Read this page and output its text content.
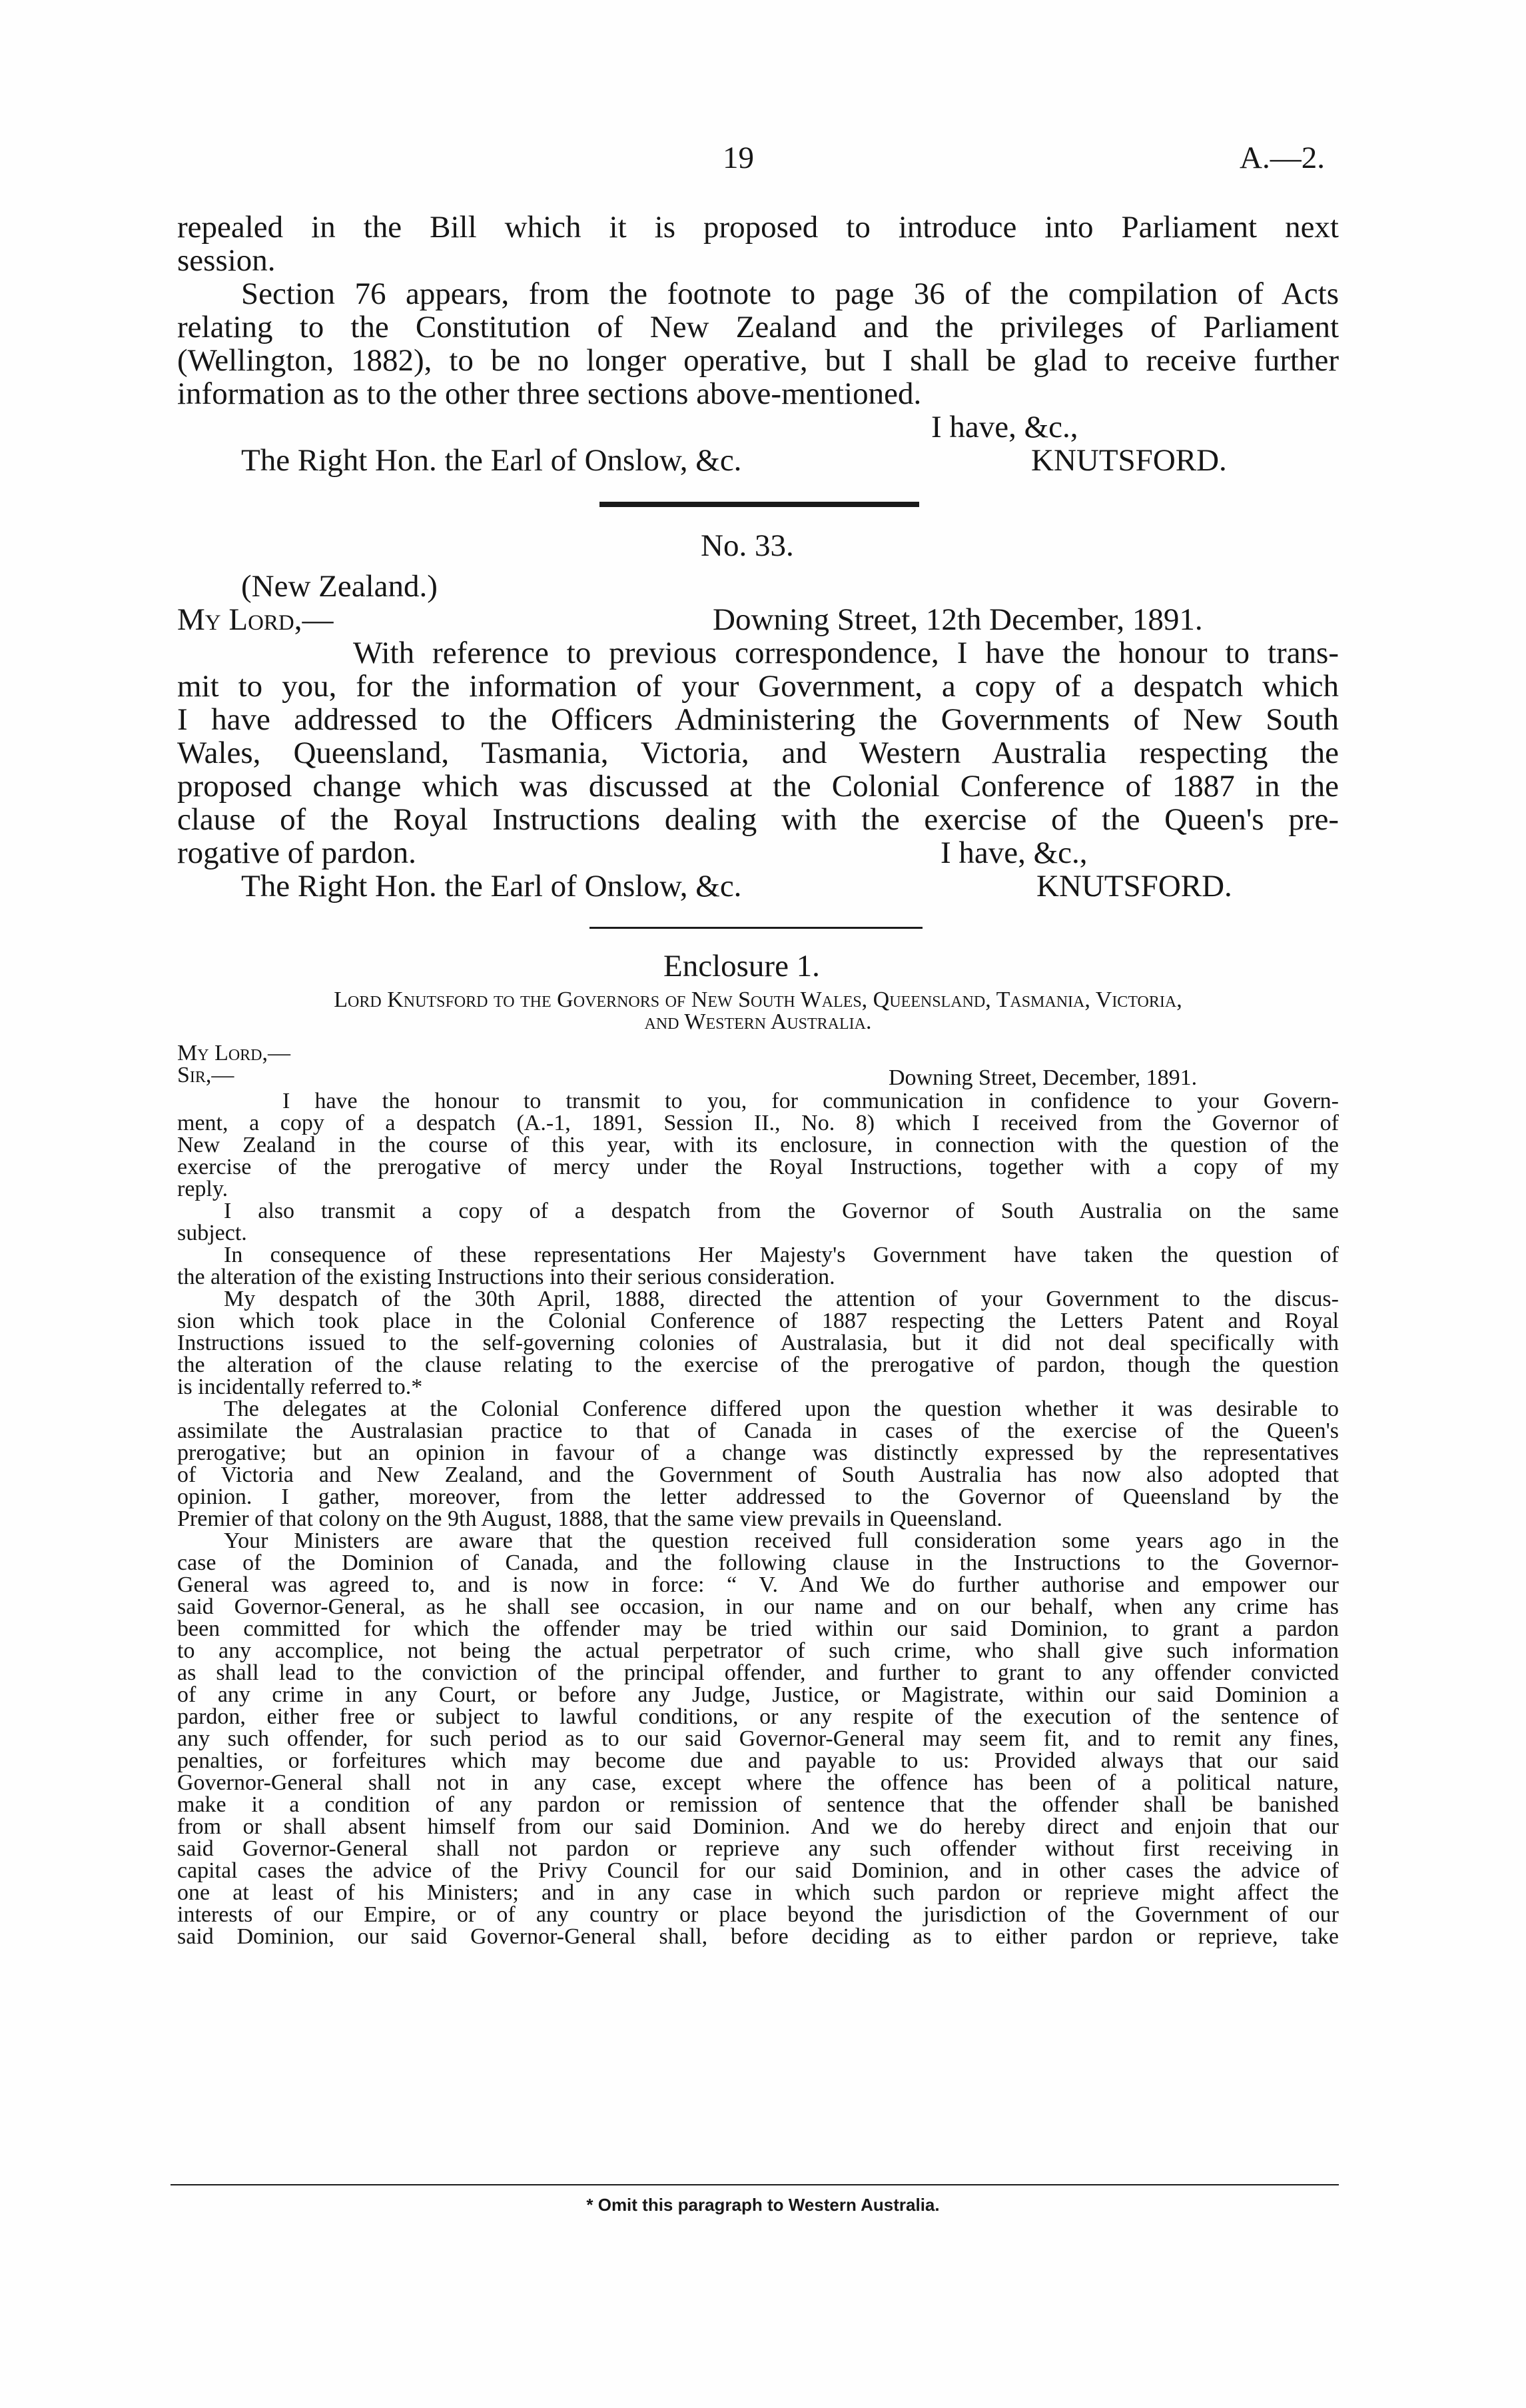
19	A.—2.
repealed in the Bill which it is proposed to introduce into Parliament next
session.
Section 76 appears, from the footnote to page 36 of the compilation of Acts
relating to the Constitution of New Zealand and the privileges of Parliament
(Wellington, 1882), to be no longer operative, but I shall be glad to receive further
information as to the other three sections above-mentioned.
I have, &c.,
The Right Hon. the Earl of Onslow, &c.	KNUTSFORD.
No. 33.
(New Zealand.)
My Lord,—	Downing Street, 12th December, 1891.
With reference to previous correspondence, I have the honour to trans-
mit to you, for the information of your Government, a copy of a despatch which
I have addressed to the Officers Administering the Governments of New South
Wales, Queensland, Tasmania, Victoria, and Western Australia respecting the
proposed change which was discussed at the Colonial Conference of 1887 in the
clause of the Royal Instructions dealing with the exercise of the Queen's pre-
rogative of pardon.	I have, &c.,
The Right Hon. the Earl of Onslow, &c.	KNUTSFORD.
Enclosure 1.
Lord Knutsford to the Governors of New South Wales, Queensland, Tasmania, Victoria,
and Western Australia.
My Lord,—
Sir,—	Downing Street, December, 1891.
I have the honour to transmit to you, for communication in confidence to your Govern-
ment, a copy of a despatch (A.-1, 1891, Session II., No. 8) which I received from the Governor of
New Zealand in the course of this year, with its enclosure, in connection with the question of the
exercise of the prerogative of mercy under the Royal Instructions, together with a copy of my
reply.
I also transmit a copy of a despatch from the Governor of South Australia on the same
subject.
In consequence of these representations Her Majesty's Government have taken the question of
the alteration of the existing Instructions into their serious consideration.
My despatch of the 30th April, 1888, directed the attention of your Government to the discus-
sion which took place in the Colonial Conference of 1887 respecting the Letters Patent and Royal
Instructions issued to the self-governing colonies of Australasia, but it did not deal specifically with
the alteration of the clause relating to the exercise of the prerogative of pardon, though the question
is incidentally referred to.*
The delegates at the Colonial Conference differed upon the question whether it was desirable to
assimilate the Australasian practice to that of Canada in cases of the exercise of the Queen's
prerogative; but an opinion in favour of a change was distinctly expressed by the representatives
of Victoria and New Zealand, and the Government of South Australia has now also adopted that
opinion. I gather, moreover, from the letter addressed to the Governor of Queensland by the
Premier of that colony on the 9th August, 1888, that the same view prevails in Queensland.
Your Ministers are aware that the question received full consideration some years ago in the
case of the Dominion of Canada, and the following clause in the Instructions to the Governor-
General was agreed to, and is now in force: “ V. And We do further authorise and empower our
said Governor-General, as he shall see occasion, in our name and on our behalf, when any crime has
been committed for which the offender may be tried within our said Dominion, to grant a pardon
to any accomplice, not being the actual perpetrator of such crime, who shall give such information
as shall lead to the conviction of the principal offender, and further to grant to any offender convicted
of any crime in any Court, or before any Judge, Justice, or Magistrate, within our said Dominion a
pardon, either free or subject to lawful conditions, or any respite of the execution of the sentence of
any such offender, for such period as to our said Governor-General may seem fit, and to remit any fines,
penalties, or forfeitures which may become due and payable to us: Provided always that our said
Governor-General shall not in any case, except where the offence has been of a political nature,
make it a condition of any pardon or remission of sentence that the offender shall be banished
from or shall absent himself from our said Dominion. And we do hereby direct and enjoin that our
said Governor-General shall not pardon or reprieve any such offender without first receiving in
capital cases the advice of the Privy Council for our said Dominion, and in other cases the advice of
one at least of his Ministers; and in any case in which such pardon or reprieve might affect the
interests of our Empire, or of any country or place beyond the jurisdiction of the Government of our
said Dominion, our said Governor-General shall, before deciding as to either pardon or reprieve, take
* Omit this paragraph to Western Australia.
